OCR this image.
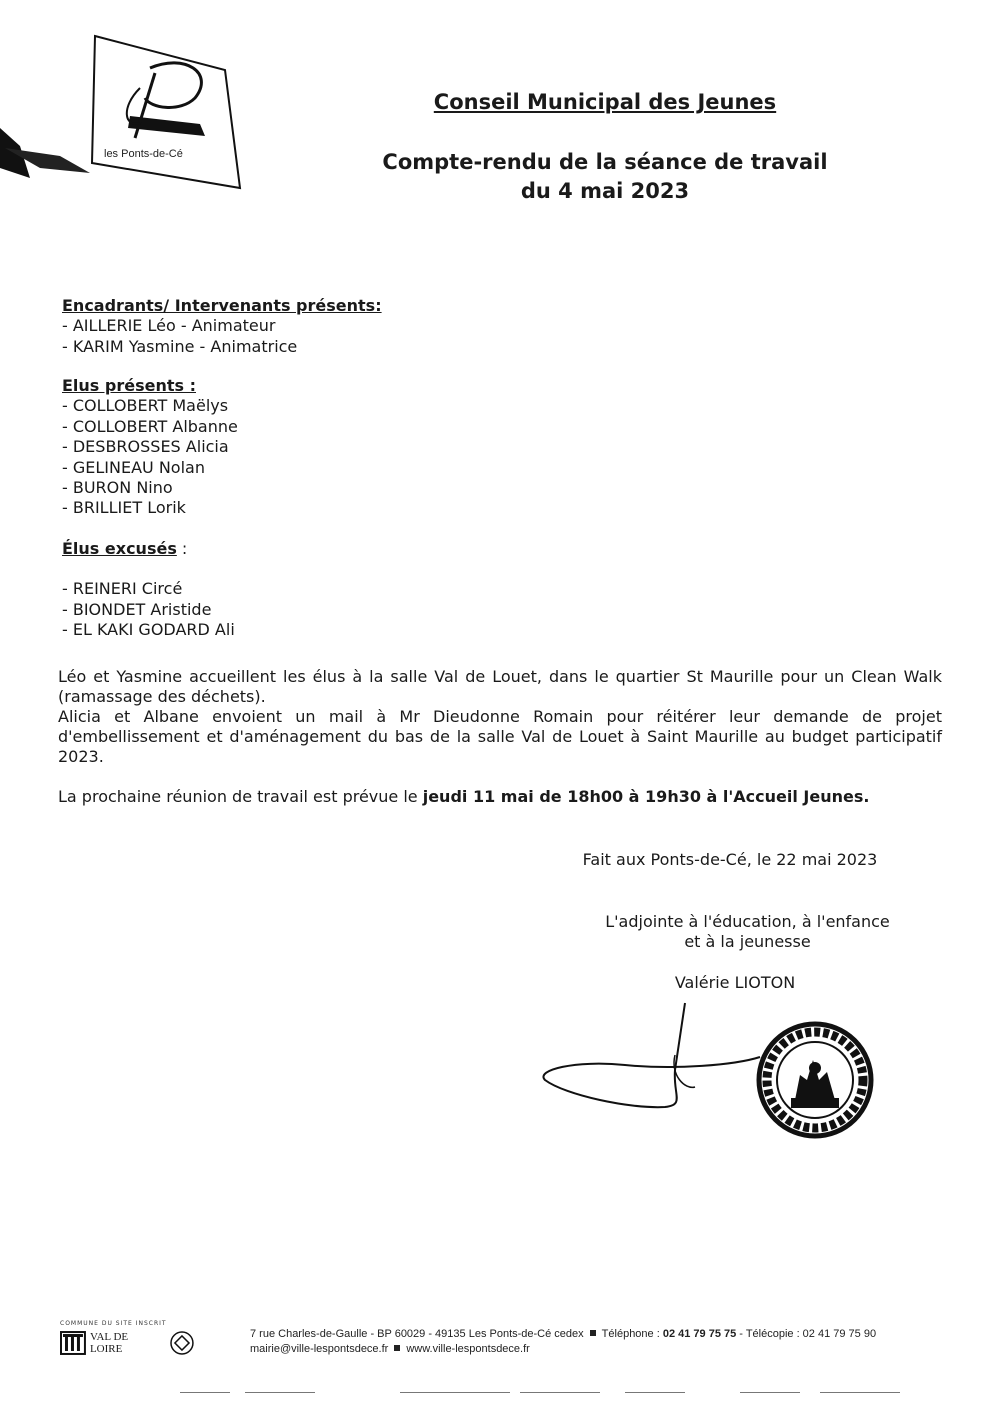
les Ponts-de-Cé
Conseil Municipal des Jeunes
Compte-rendu de la séance de travail
du 4 mai 2023
Encadrants/ Intervenants présents:
- AILLERIE Léo - Animateur
- KARIM Yasmine - Animatrice
Elus présents :
- COLLOBERT Maëlys
- COLLOBERT Albanne
- DESBROSSES Alicia
- GELINEAU Nolan
- BURON Nino
- BRILLIET Lorik
Élus excusés :
- REINERI Circé
- BIONDET Aristide
- EL KAKI GODARD Ali

Léo et Yasmine accueillent les élus à la salle Val de Louet, dans le quartier St Maurille pour un Clean Walk (ramassage des déchets).

Alicia et Albane envoient un mail à Mr Dieudonne Romain pour réitérer leur demande de projet d'embellissement et d'aménagement du bas de la salle Val de Louet à Saint Maurille au budget participatif 2023.

La prochaine réunion de travail est prévue le jeudi 11 mai de 18h00 à 19h30 à l'Accueil Jeunes.

Fait aux Ponts-de-Cé, le 22 mai 2023
L'adjointe à l'éducation, à l'enfance
et à la jeunesse
Valérie LIOTON
COMMUNE DU SITE INSCRIT
VAL DE LOIRE
7 rue Charles-de-Gaulle - BP 60029 - 49135 Les Ponts-de-Cé cedex Téléphone : 02 41 79 75 75 - Télécopie : 02 41 79 75 90
mairie@ville-lespontsdece.fr www.ville-lespontsdece.fr
